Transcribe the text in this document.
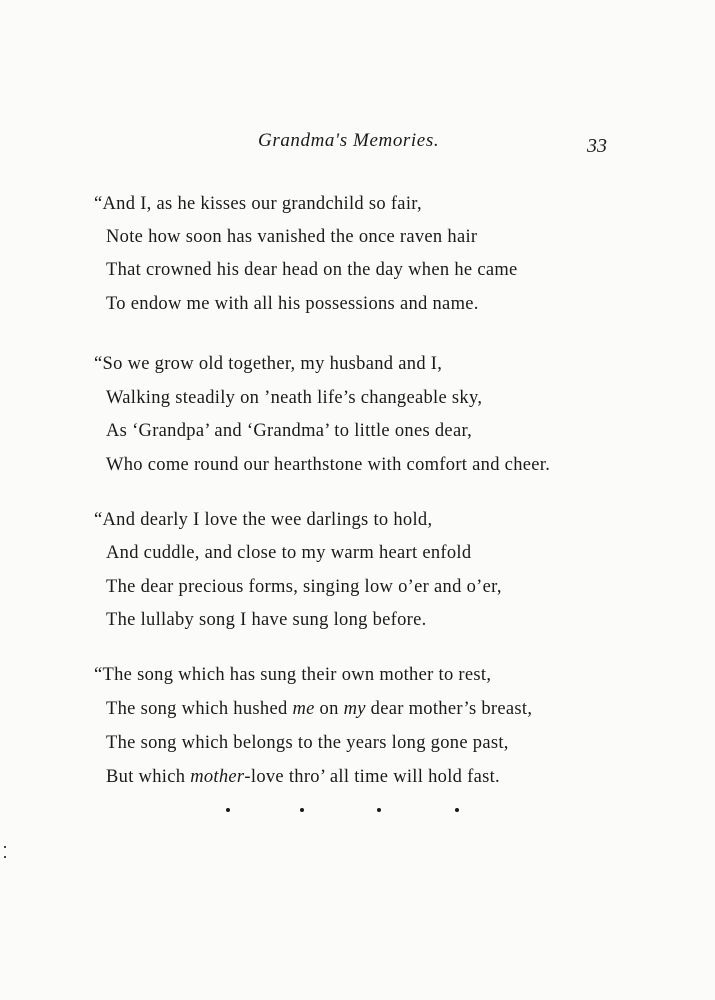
Grandma's Memories.	33
“And I, as he kisses our grandchild so fair,
Note how soon has vanished the once raven hair
That crowned his dear head on the day when he came
To endow me with all his possessions and name.
“So we grow old together, my husband and I,
Walking steadily on ’neath life’s changeable sky,
As ‘Grandpa’ and ‘Grandma’ to little ones dear,
Who come round our hearthstone with comfort and cheer.
“And dearly I love the wee darlings to hold,
And cuddle, and close to my warm heart enfold
The dear precious forms, singing low o’er and o’er,
The lullaby song I have sung long before.
“The song which has sung their own mother to rest,
The song which hushed me on my dear mother’s breast,
The song which belongs to the years long gone past,
But which mother-love thro’ all time will hold fast.
